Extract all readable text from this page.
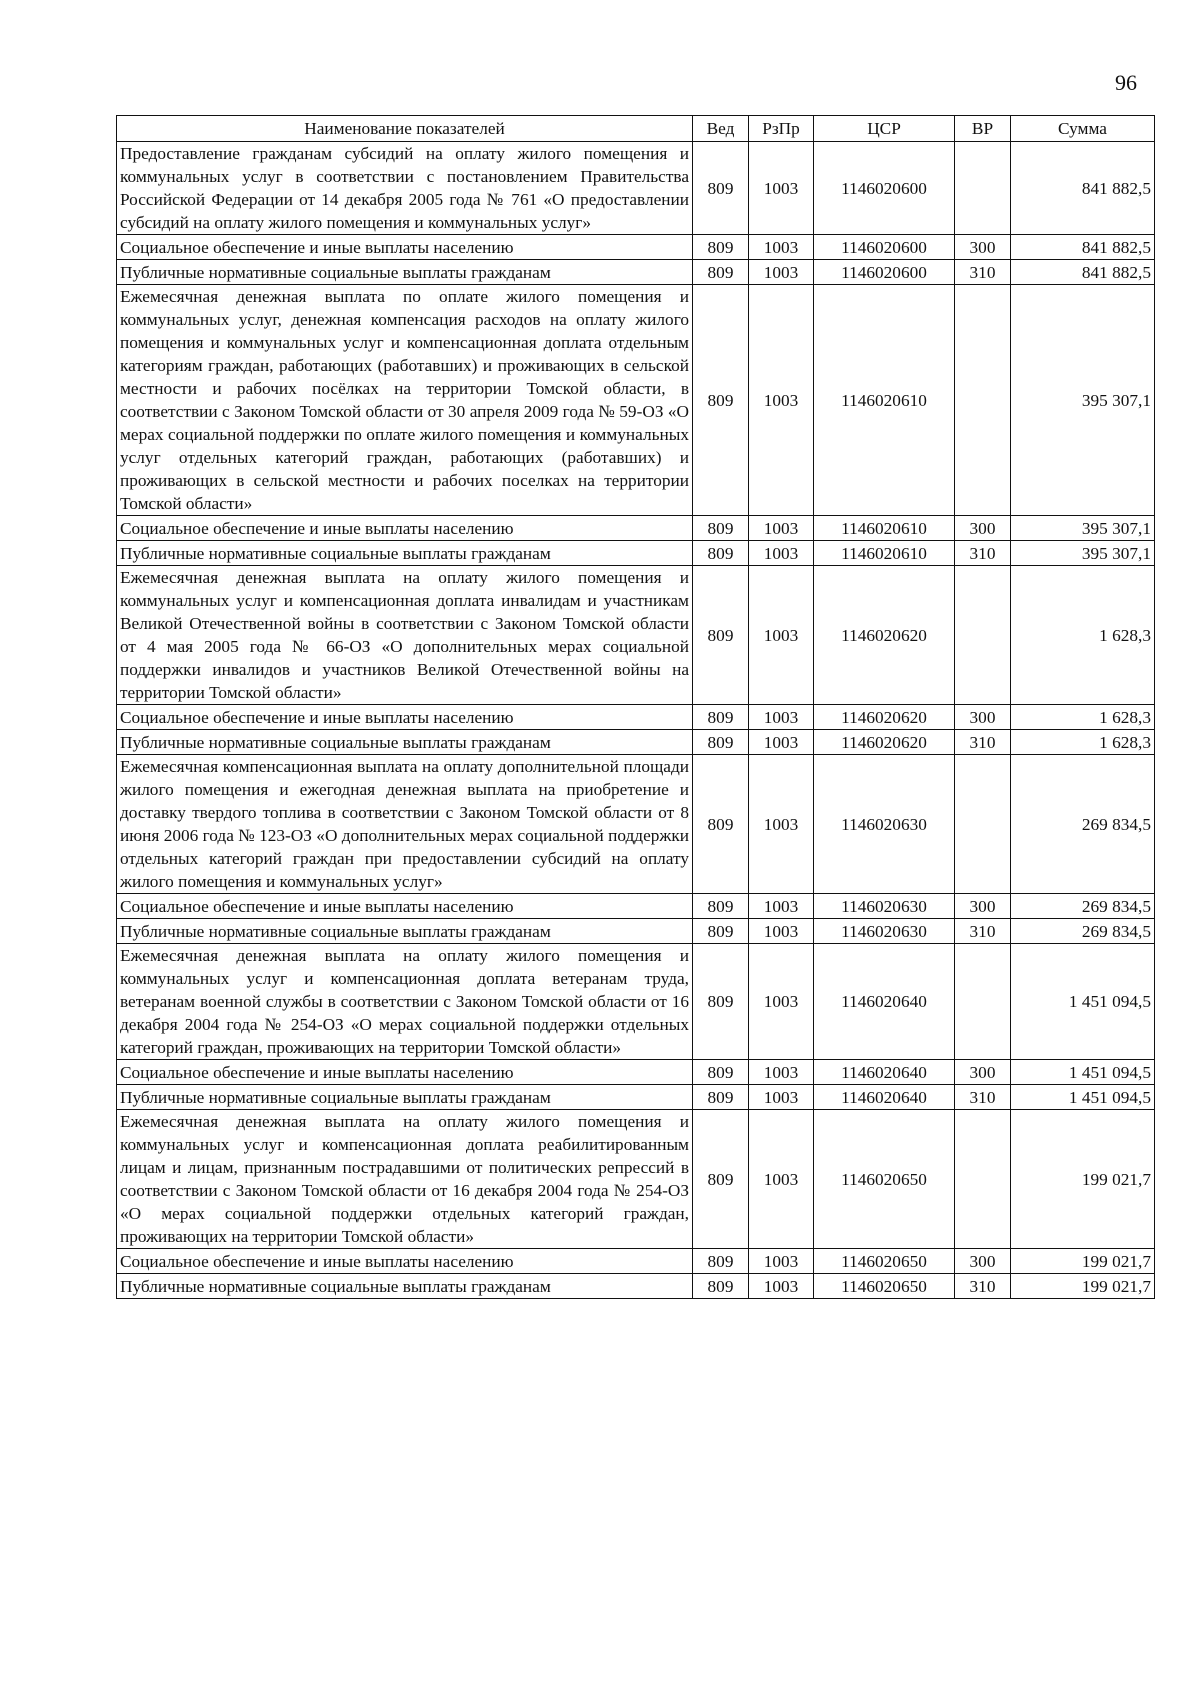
96
Наименование показателей	Вед	РзПр	ЦСР	ВР	Сумма
Предоставление гражданам субсидий на оплату жилого помещения и коммунальных услуг в соответствии с постановлением Правительства Российской Федерации от 14 декабря 2005 года № 761 «О предоставлении субсидий на оплату жилого помещения и коммунальных услуг»	809	1003	1146020600		841 882,5
Социальное обеспечение и иные выплаты населению	809	1003	1146020600	300	841 882,5
Публичные нормативные социальные выплаты гражданам	809	1003	1146020600	310	841 882,5
Ежемесячная денежная выплата по оплате жилого помещения и коммунальных услуг, денежная компенсация расходов на оплату жилого помещения и коммунальных услуг и компенсационная доплата отдельным категориям граждан, работающих (работавших) и проживающих в сельской местности и рабочих посёлках на территории Томской области, в соответствии с Законом Томской области от 30 апреля 2009 года № 59-ОЗ «О мерах социальной поддержки по оплате жилого помещения и коммунальных услуг отдельных категорий граждан, работающих (работавших) и проживающих в сельской местности и рабочих поселках на территории Томской области»	809	1003	1146020610		395 307,1
Социальное обеспечение и иные выплаты населению	809	1003	1146020610	300	395 307,1
Публичные нормативные социальные выплаты гражданам	809	1003	1146020610	310	395 307,1
Ежемесячная денежная выплата на оплату жилого помещения и коммунальных услуг и компенсационная доплата инвалидам и участникам Великой Отечественной войны в соответствии с Законом Томской области от 4 мая 2005 года № 66-ОЗ «О дополнительных мерах социальной поддержки инвалидов и участников Великой Отечественной войны на территории Томской области»	809	1003	1146020620		1 628,3
Социальное обеспечение и иные выплаты населению	809	1003	1146020620	300	1 628,3
Публичные нормативные социальные выплаты гражданам	809	1003	1146020620	310	1 628,3
Ежемесячная компенсационная выплата на оплату дополнительной площади жилого помещения и ежегодная денежная выплата на приобретение и доставку твердого топлива в соответствии с Законом Томской области от 8 июня 2006 года № 123-ОЗ «О дополнительных мерах социальной поддержки отдельных категорий граждан при предоставлении субсидий на оплату жилого помещения и коммунальных услуг»	809	1003	1146020630		269 834,5
Социальное обеспечение и иные выплаты населению	809	1003	1146020630	300	269 834,5
Публичные нормативные социальные выплаты гражданам	809	1003	1146020630	310	269 834,5
Ежемесячная денежная выплата на оплату жилого помещения и коммунальных услуг и компенсационная доплата ветеранам труда, ветеранам военной службы в соответствии с Законом Томской области от 16 декабря 2004 года № 254-ОЗ «О мерах социальной поддержки отдельных категорий граждан, проживающих на территории Томской области»	809	1003	1146020640		1 451 094,5
Социальное обеспечение и иные выплаты населению	809	1003	1146020640	300	1 451 094,5
Публичные нормативные социальные выплаты гражданам	809	1003	1146020640	310	1 451 094,5
Ежемесячная денежная выплата на оплату жилого помещения и коммунальных услуг и компенсационная доплата реабилитированным лицам и лицам, признанным пострадавшими от политических репрессий в соответствии с Законом Томской области от 16 декабря 2004 года № 254-ОЗ «О мерах социальной поддержки отдельных категорий граждан, проживающих на территории Томской области»	809	1003	1146020650		199 021,7
Социальное обеспечение и иные выплаты населению	809	1003	1146020650	300	199 021,7
Публичные нормативные социальные выплаты гражданам	809	1003	1146020650	310	199 021,7
